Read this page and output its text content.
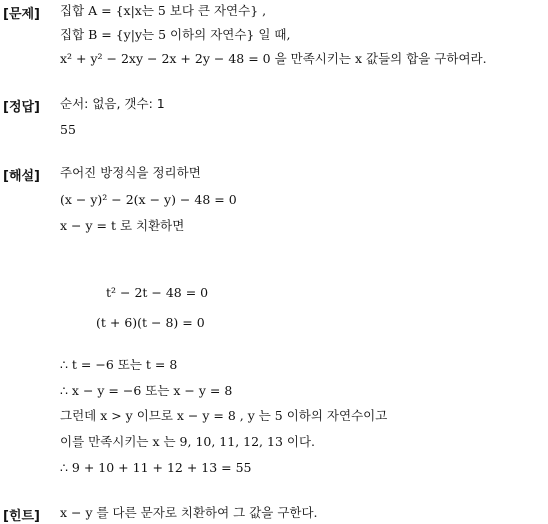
[문제] 집합 A = {x|x는 5 보다 큰 자연수} ,
집합 B = {y|y는 5 이하의 자연수} 일 때,
x² + y² − 2xy − 2x + 2y − 48 = 0 을 만족시키는 x 값들의 합을 구하여라.
[정답] 순서: 없음, 갯수: 1
55
[해설] 주어진 방정식을 정리하면
(x − y)² − 2(x − y) − 48 = 0
x − y = t 로 치환하면
t² − 2t − 48 = 0
(t + 6)(t − 8) = 0
∴ t = −6 또는 t = 8
∴ x − y = −6 또는 x − y = 8
그런데 x > y 이므로 x − y = 8 , y 는 5 이하의 자연수이고
이를 만족시키는 x 는 9, 10, 11, 12, 13 이다.
∴ 9 + 10 + 11 + 12 + 13 = 55
[힌트] x − y 를 다른 문자로 치환하여 그 값을 구한다.
